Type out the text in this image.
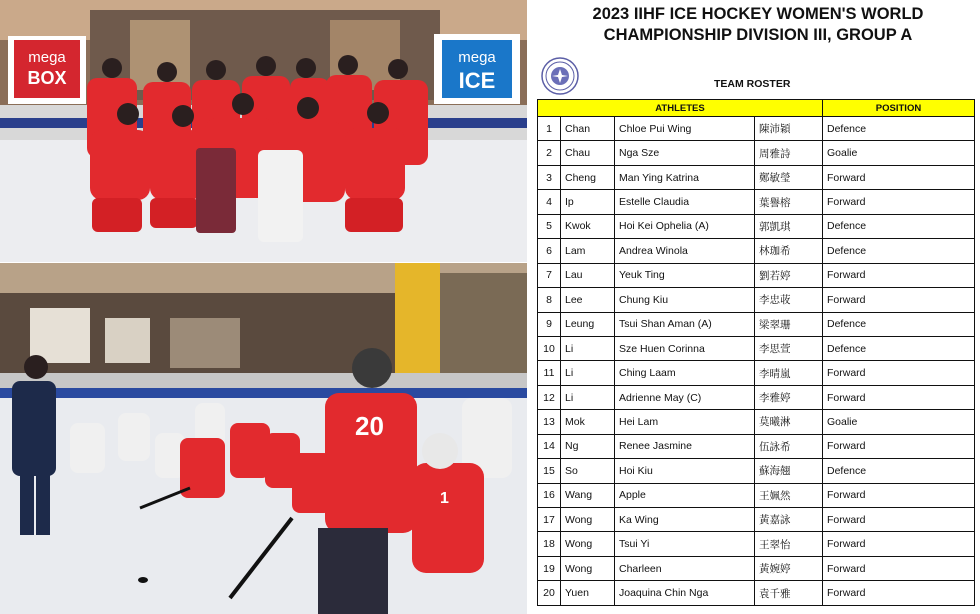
mega
BOX
mega
ICE
20
1
2023 IIHF ICE HOCKEY WOMEN'S WORLD
CHAMPIONSHIP DIVISION III, GROUP A
TEAM ROSTER
ATHLETES				POSITION
1	Chan	Chloe Pui Wing	陳沛穎	Defence
2	Chau	Nga Sze	周雅詩	Goalie
3	Cheng	Man Ying Katrina	鄭敏瑩	Forward
4	Ip	Estelle Claudia	葉譽榕	Forward
5	Kwok	Hoi Kei Ophelia (A)	郭凱琪	Defence
6	Lam	Andrea Winola	林珈希	Defence
7	Lau	Yeuk Ting	劉若婷	Forward
8	Lee	Chung Kiu	李忠荍	Forward
9	Leung	Tsui Shan Aman (A)	梁翠珊	Defence
10	Li	Sze Huen Corinna	李思萱	Defence
11	Li	Ching Laam	李晴嵐	Forward
12	Li	Adrienne May (C)	李雅婷	Forward
13	Mok	Hei Lam	莫曦淋	Goalie
14	Ng	Renee Jasmine	伍詠希	Forward
15	So	Hoi Kiu	蘇海翹	Defence
16	Wang	Apple	王姵然	Forward
17	Wong	Ka Wing	黃嘉詠	Forward
18	Wong	Tsui Yi	王翠怡	Forward
19	Wong	Charleen	黃婉婷	Forward
20	Yuen	Joaquina Chin Nga	袁千雅	Forward
